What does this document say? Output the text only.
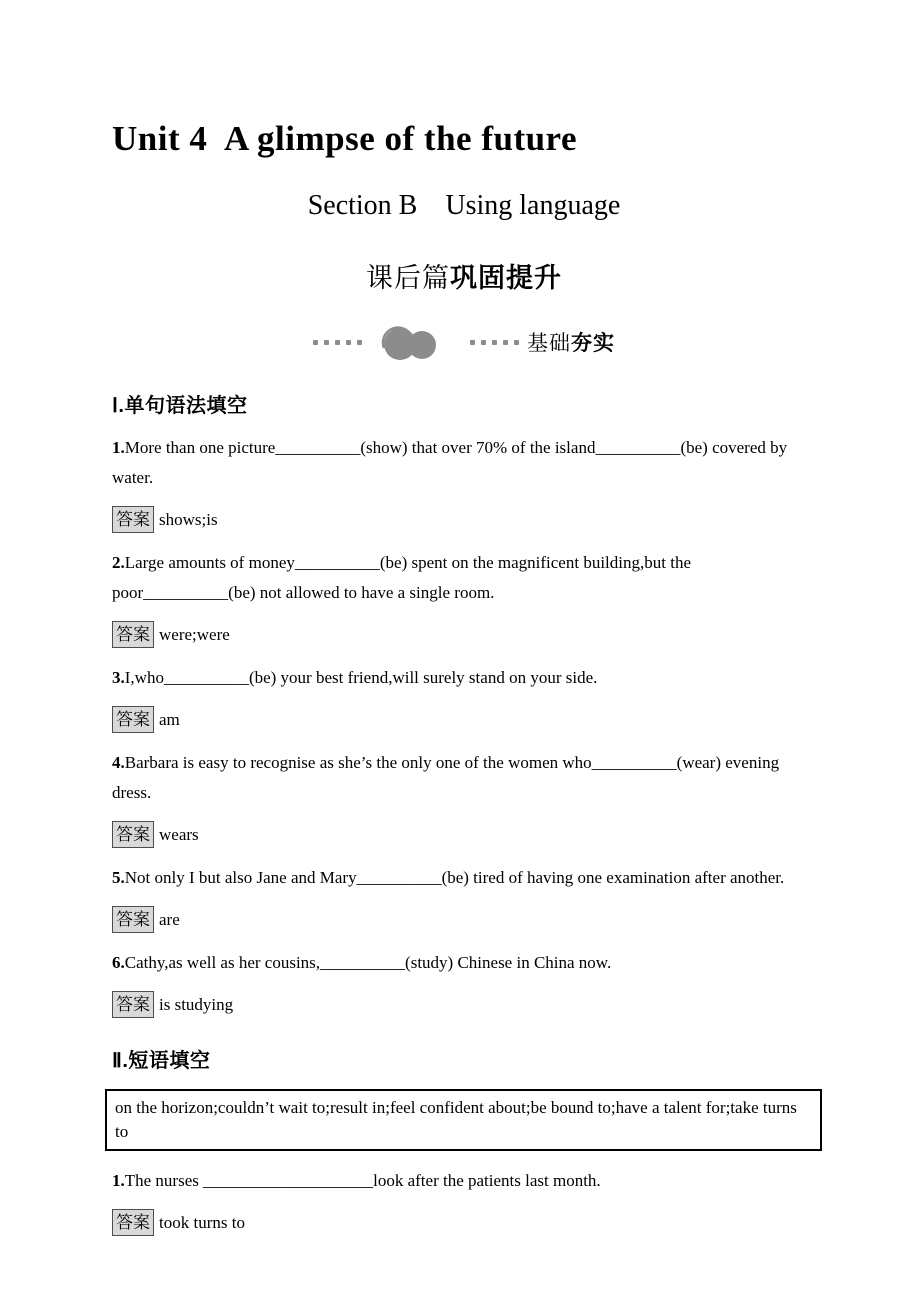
Unit 4  A glimpse of the future
Section B    Using language
课后篇巩固提升
基础夯实
Ⅰ.单句语法填空

1.More than one picture__________(show) that over 70% of the island__________(be) covered by water.

答案 shows;is

2.Large amounts of money__________(be) spent on the magnificent building,but the poor__________(be) not allowed to have a single room.

答案 were;were

3.I,who__________(be) your best friend,will surely stand on your side.

答案 am

4.Barbara is easy to recognise as she’s the only one of the women who__________(wear) evening dress.

答案 wears

5.Not only I but also Jane and Mary__________(be) tired of having one examination after another.

答案 are

6.Cathy,as well as her cousins,__________(study) Chinese in China now.

答案 is studying

Ⅱ.短语填空
on the horizon;couldn’t wait to;result in;feel confident about;be bound to;have a talent for;take turns to

1.The nurses ____________________look after the patients last month.

答案 took turns to
